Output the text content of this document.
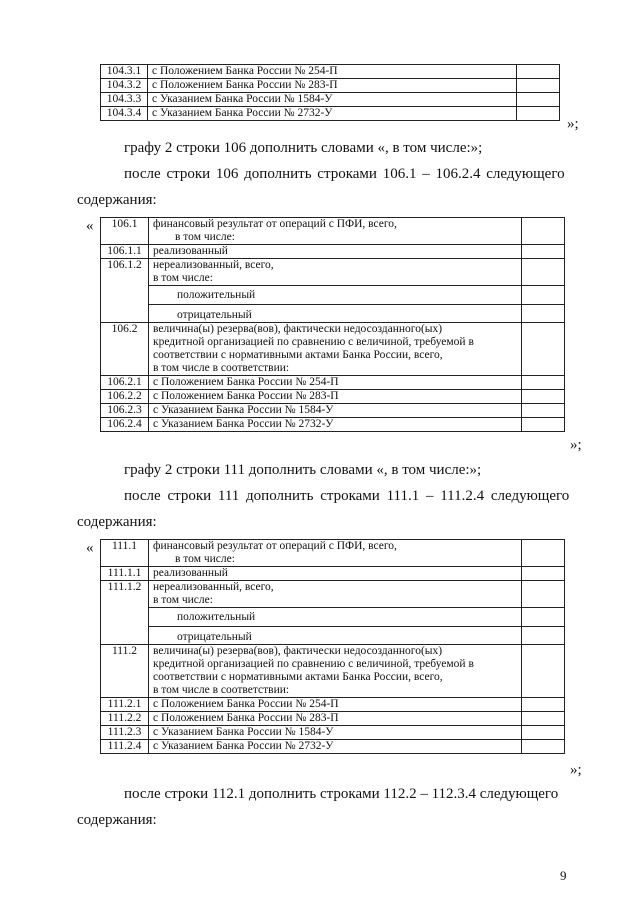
104.3.1	с Положением Банка России № 254-П	
104.3.2	с Положением Банка России № 283-П	
104.3.3	с Указанием Банка России № 1584-У	
104.3.4	с Указанием Банка России № 2732-У	
»;
графу 2 строки 106 дополнить словами «, в том числе:»;
после строки 106 дополнить строками 106.1 – 106.2.4 следующего
содержания:
« 106.1	финансовый результат от операций с ПФИ, всего,
в том числе:	

106.1.1	реализованный	
106.1.2	нереализованный, всего,
в том числе:	

	положительный	
	отрицательный	
106.2	величина(ы) резерва(вов), фактически недосозданного(ых)
кредитной организацией по сравнению с величиной, требуемой в
соответствии с нормативными актами Банка России, всего,
в том числе в соответствии:	

106.2.1	с Положением Банка России № 254-П	
106.2.2	с Положением Банка России № 283-П	
106.2.3	с Указанием Банка России № 1584-У	
106.2.4	с Указанием Банка России № 2732-У	
»;
графу 2 строки 111 дополнить словами «, в том числе:»;
после строки 111 дополнить строками 111.1 – 111.2.4 следующего
содержания:
« 111.1	финансовый результат от операций с ПФИ, всего,
в том числе:	

111.1.1	реализованный	
111.1.2	нереализованный, всего,
в том числе:	

	положительный	
	отрицательный	
111.2	величина(ы) резерва(вов), фактически недосозданного(ых)
кредитной организацией по сравнению с величиной, требуемой в
соответствии с нормативными актами Банка России, всего,
в том числе в соответствии:	

111.2.1	с Положением Банка России № 254-П	
111.2.2	с Положением Банка России № 283-П	
111.2.3	с Указанием Банка России № 1584-У	
111.2.4	с Указанием Банка России № 2732-У	
»;
после строки 112.1 дополнить строками 112.2 – 112.3.4 следующего
содержания:
9
